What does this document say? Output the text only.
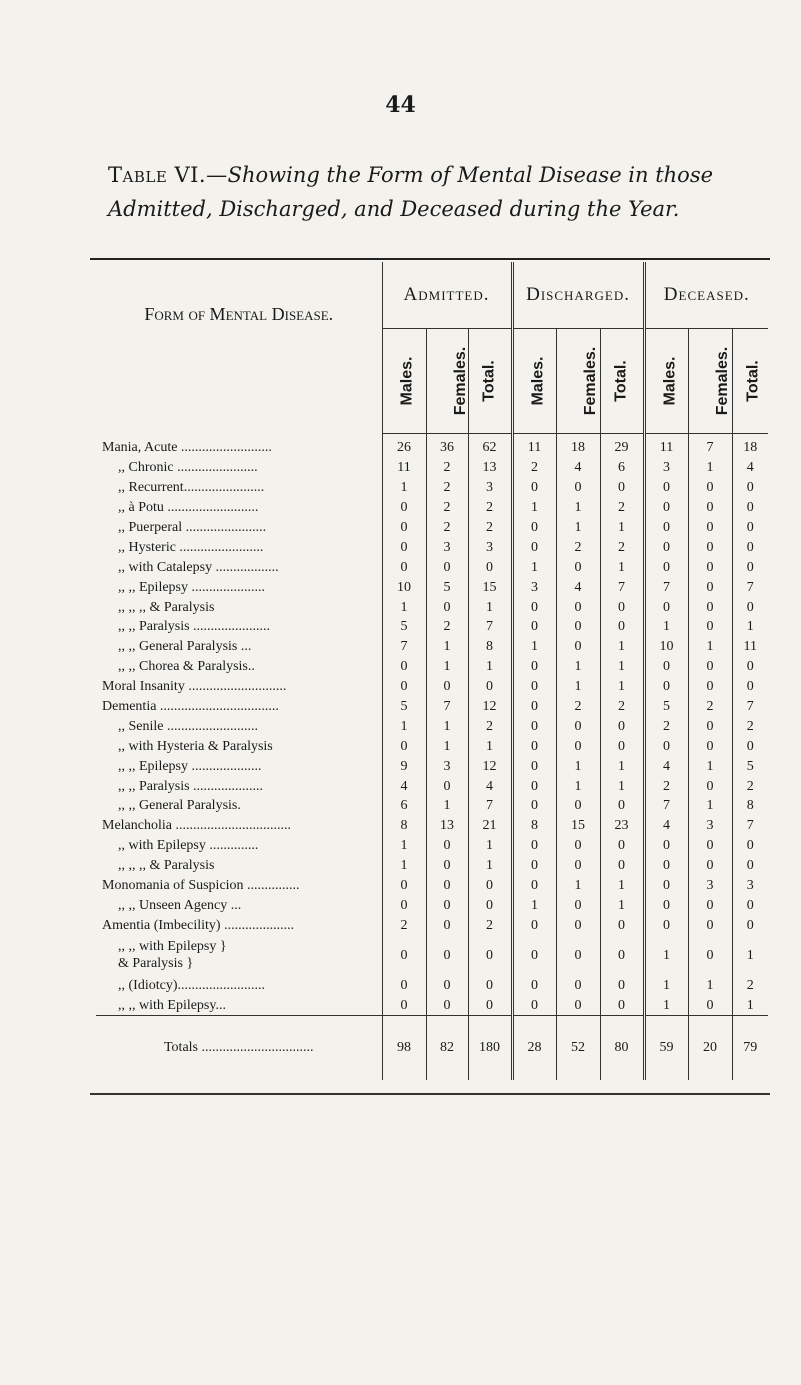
44
Table VI.—Showing the Form of Mental Disease in those Admitted, Discharged, and Deceased during the Year.
Form of Mental Disease.	Admitted.			Discharged.			Deceased.		
	Males.	Females.	Total.	Males.	Females.	Total.	Males.	Females.	Total.
Mania, Acute ..........................	26	36	62	11	18	29	11	7	18
,, Chronic .......................	11	2	13	2	4	6	3	1	4
,, Recurrent.......................	1	2	3	0	0	0	0	0	0
,, à Potu ..........................	0	2	2	1	1	2	0	0	0
,, Puerperal .......................	0	2	2	0	1	1	0	0	0
,, Hysteric ........................	0	3	3	0	2	2	0	0	0
,, with Catalepsy ..................	0	0	0	1	0	1	0	0	0
,, ,, Epilepsy .....................	10	5	15	3	4	7	7	0	7
,, ,, ,, & Paralysis	1	0	1	0	0	0	0	0	0
,, ,, Paralysis ......................	5	2	7	0	0	0	1	0	1
,, ,, General Paralysis ...	7	1	8	1	0	1	10	1	11
,, ,, Chorea & Paralysis..	0	1	1	0	1	1	0	0	0
Moral Insanity ............................	0	0	0	0	1	1	0	0	0
Dementia ..................................	5	7	12	0	2	2	5	2	7
,, Senile ..........................	1	1	2	0	0	0	2	0	2
,, with Hysteria & Paralysis	0	1	1	0	0	0	0	0	0
,, ,, Epilepsy ....................	9	3	12	0	1	1	4	1	5
,, ,, Paralysis ....................	4	0	4	0	1	1	2	0	2
,, ,, General Paralysis.	6	1	7	0	0	0	7	1	8
Melancholia .................................	8	13	21	8	15	23	4	3	7
,, with Epilepsy ..............	1	0	1	0	0	0	0	0	0
,, ,, ,, & Paralysis	1	0	1	0	0	0	0	0	0
Monomania of Suspicion ...............	0	0	0	0	1	1	0	3	3
,, ,, Unseen Agency ...	0	0	0	1	0	1	0	0	0
Amentia (Imbecility) ....................	2	0	2	0	0	0	0	0	0
,, ,, with Epilepsy }
& Paralysis }	0	0	0	0	0	0	1	0	1
,, (Idiotcy).........................	0	0	0	0	0	0	1	1	2
,, ,, with Epilepsy...	0	0	0	0	0	0	1	0	1
Totals ................................	98	82	180	28	52	80	59	20	79
